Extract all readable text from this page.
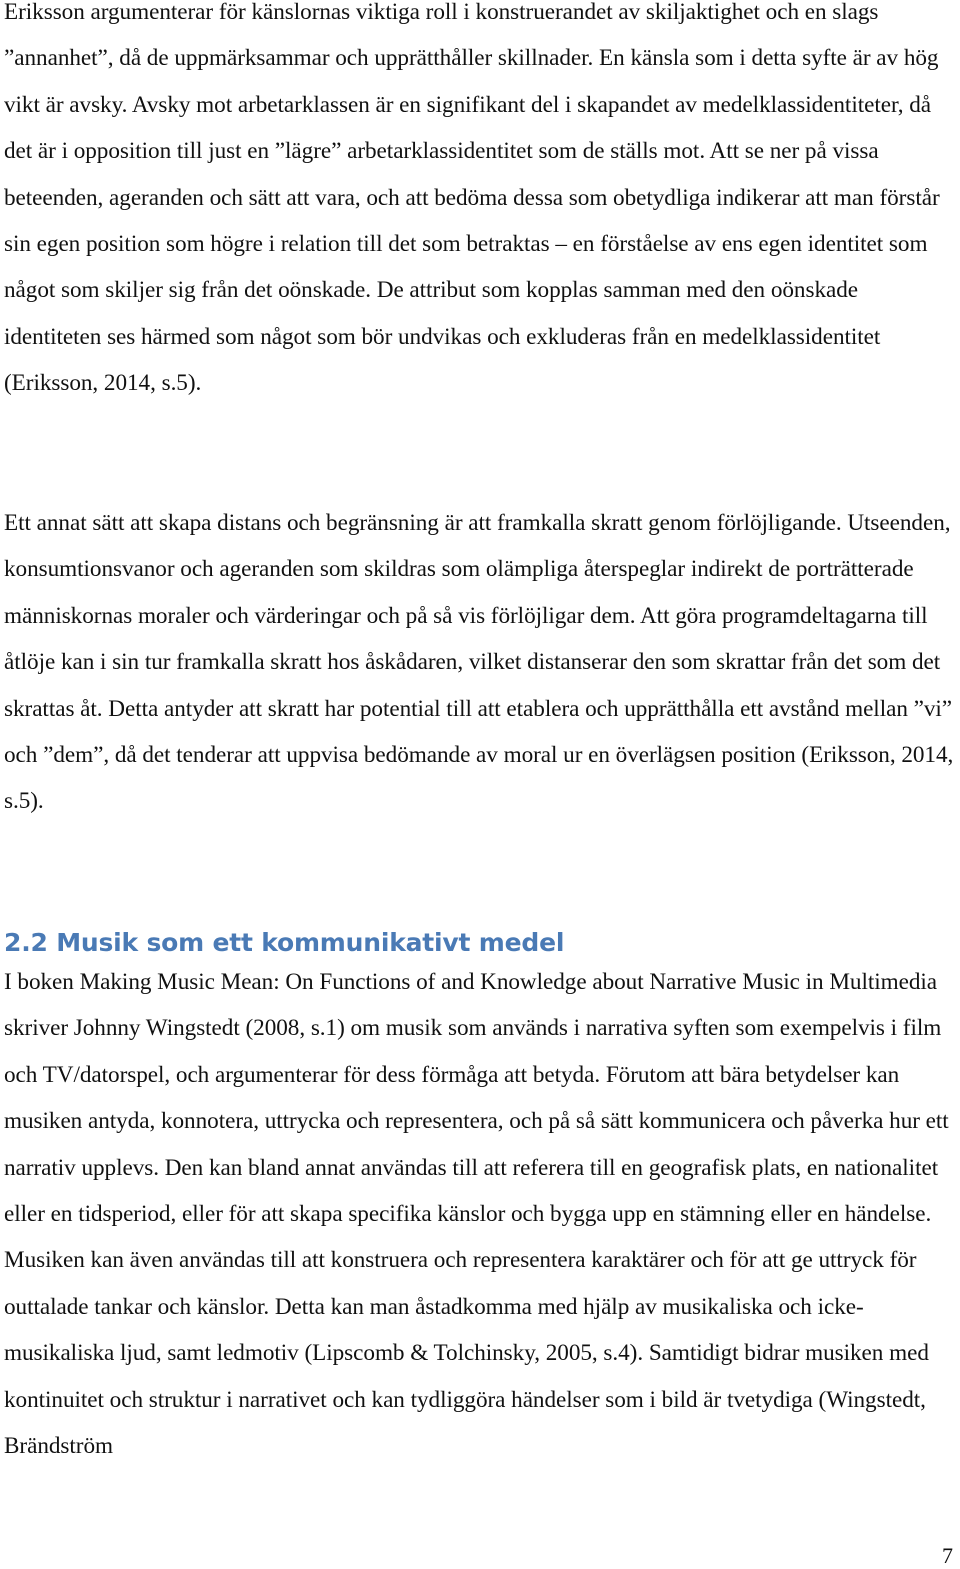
Eriksson argumenterar för känslornas viktiga roll i konstruerandet av skiljaktighet och en slags ”annanhet”, då de uppmärksammar och upprätthåller skillnader. En känsla som i detta syfte är av hög vikt är avsky. Avsky mot arbetarklassen är en signifikant del i skapandet av medelklassidentiteter, då det är i opposition till just en ”lägre” arbetarklassidentitet som de ställs mot. Att se ner på vissa beteenden, ageranden och sätt att vara, och att bedöma dessa som obetydliga indikerar att man förstår sin egen position som högre i relation till det som betraktas – en förståelse av ens egen identitet som något som skiljer sig från det oönskade. De attribut som kopplas samman med den oönskade identiteten ses härmed som något som bör undvikas och exkluderas från en medelklassidentitet (Eriksson, 2014, s.5).

Ett annat sätt att skapa distans och begränsning är att framkalla skratt genom förlöjligande. Utseenden, konsumtionsvanor och ageranden som skildras som olämpliga återspeglar indirekt de porträtterade människornas moraler och värderingar och på så vis förlöjligar dem. Att göra programdeltagarna till åtlöje kan i sin tur framkalla skratt hos åskådaren, vilket distanserar den som skrattar från det som det skrattas åt. Detta antyder att skratt har potential till att etablera och upprätthålla ett avstånd mellan ”vi” och ”dem”, då det tenderar att uppvisa bedömande av moral ur en överlägsen position (Eriksson, 2014, s.5).

2.2 Musik som ett kommunikativt medel

I boken Making Music Mean: On Functions of and Knowledge about Narrative Music in Multimedia skriver Johnny Wingstedt (2008, s.1) om musik som används i narrativa syften som exempelvis i film och TV/datorspel, och argumenterar för dess förmåga att betyda. Förutom att bära betydelser kan musiken antyda, konnotera, uttrycka och representera, och på så sätt kommunicera och påverka hur ett narrativ upplevs. Den kan bland annat användas till att referera till en geografisk plats, en nationalitet eller en tidsperiod, eller för att skapa specifika känslor och bygga upp en stämning eller en händelse. Musiken kan även användas till att konstruera och representera karaktärer och för att ge uttryck för outtalade tankar och känslor. Detta kan man åstadkomma med hjälp av musikaliska och icke-musikaliska ljud, samt ledmotiv (Lipscomb & Tolchinsky, 2005, s.4). Samtidigt bidrar musiken med kontinuitet och struktur i narrativet och kan tydliggöra händelser som i bild är tvetydiga (Wingstedt, Brändström

7
